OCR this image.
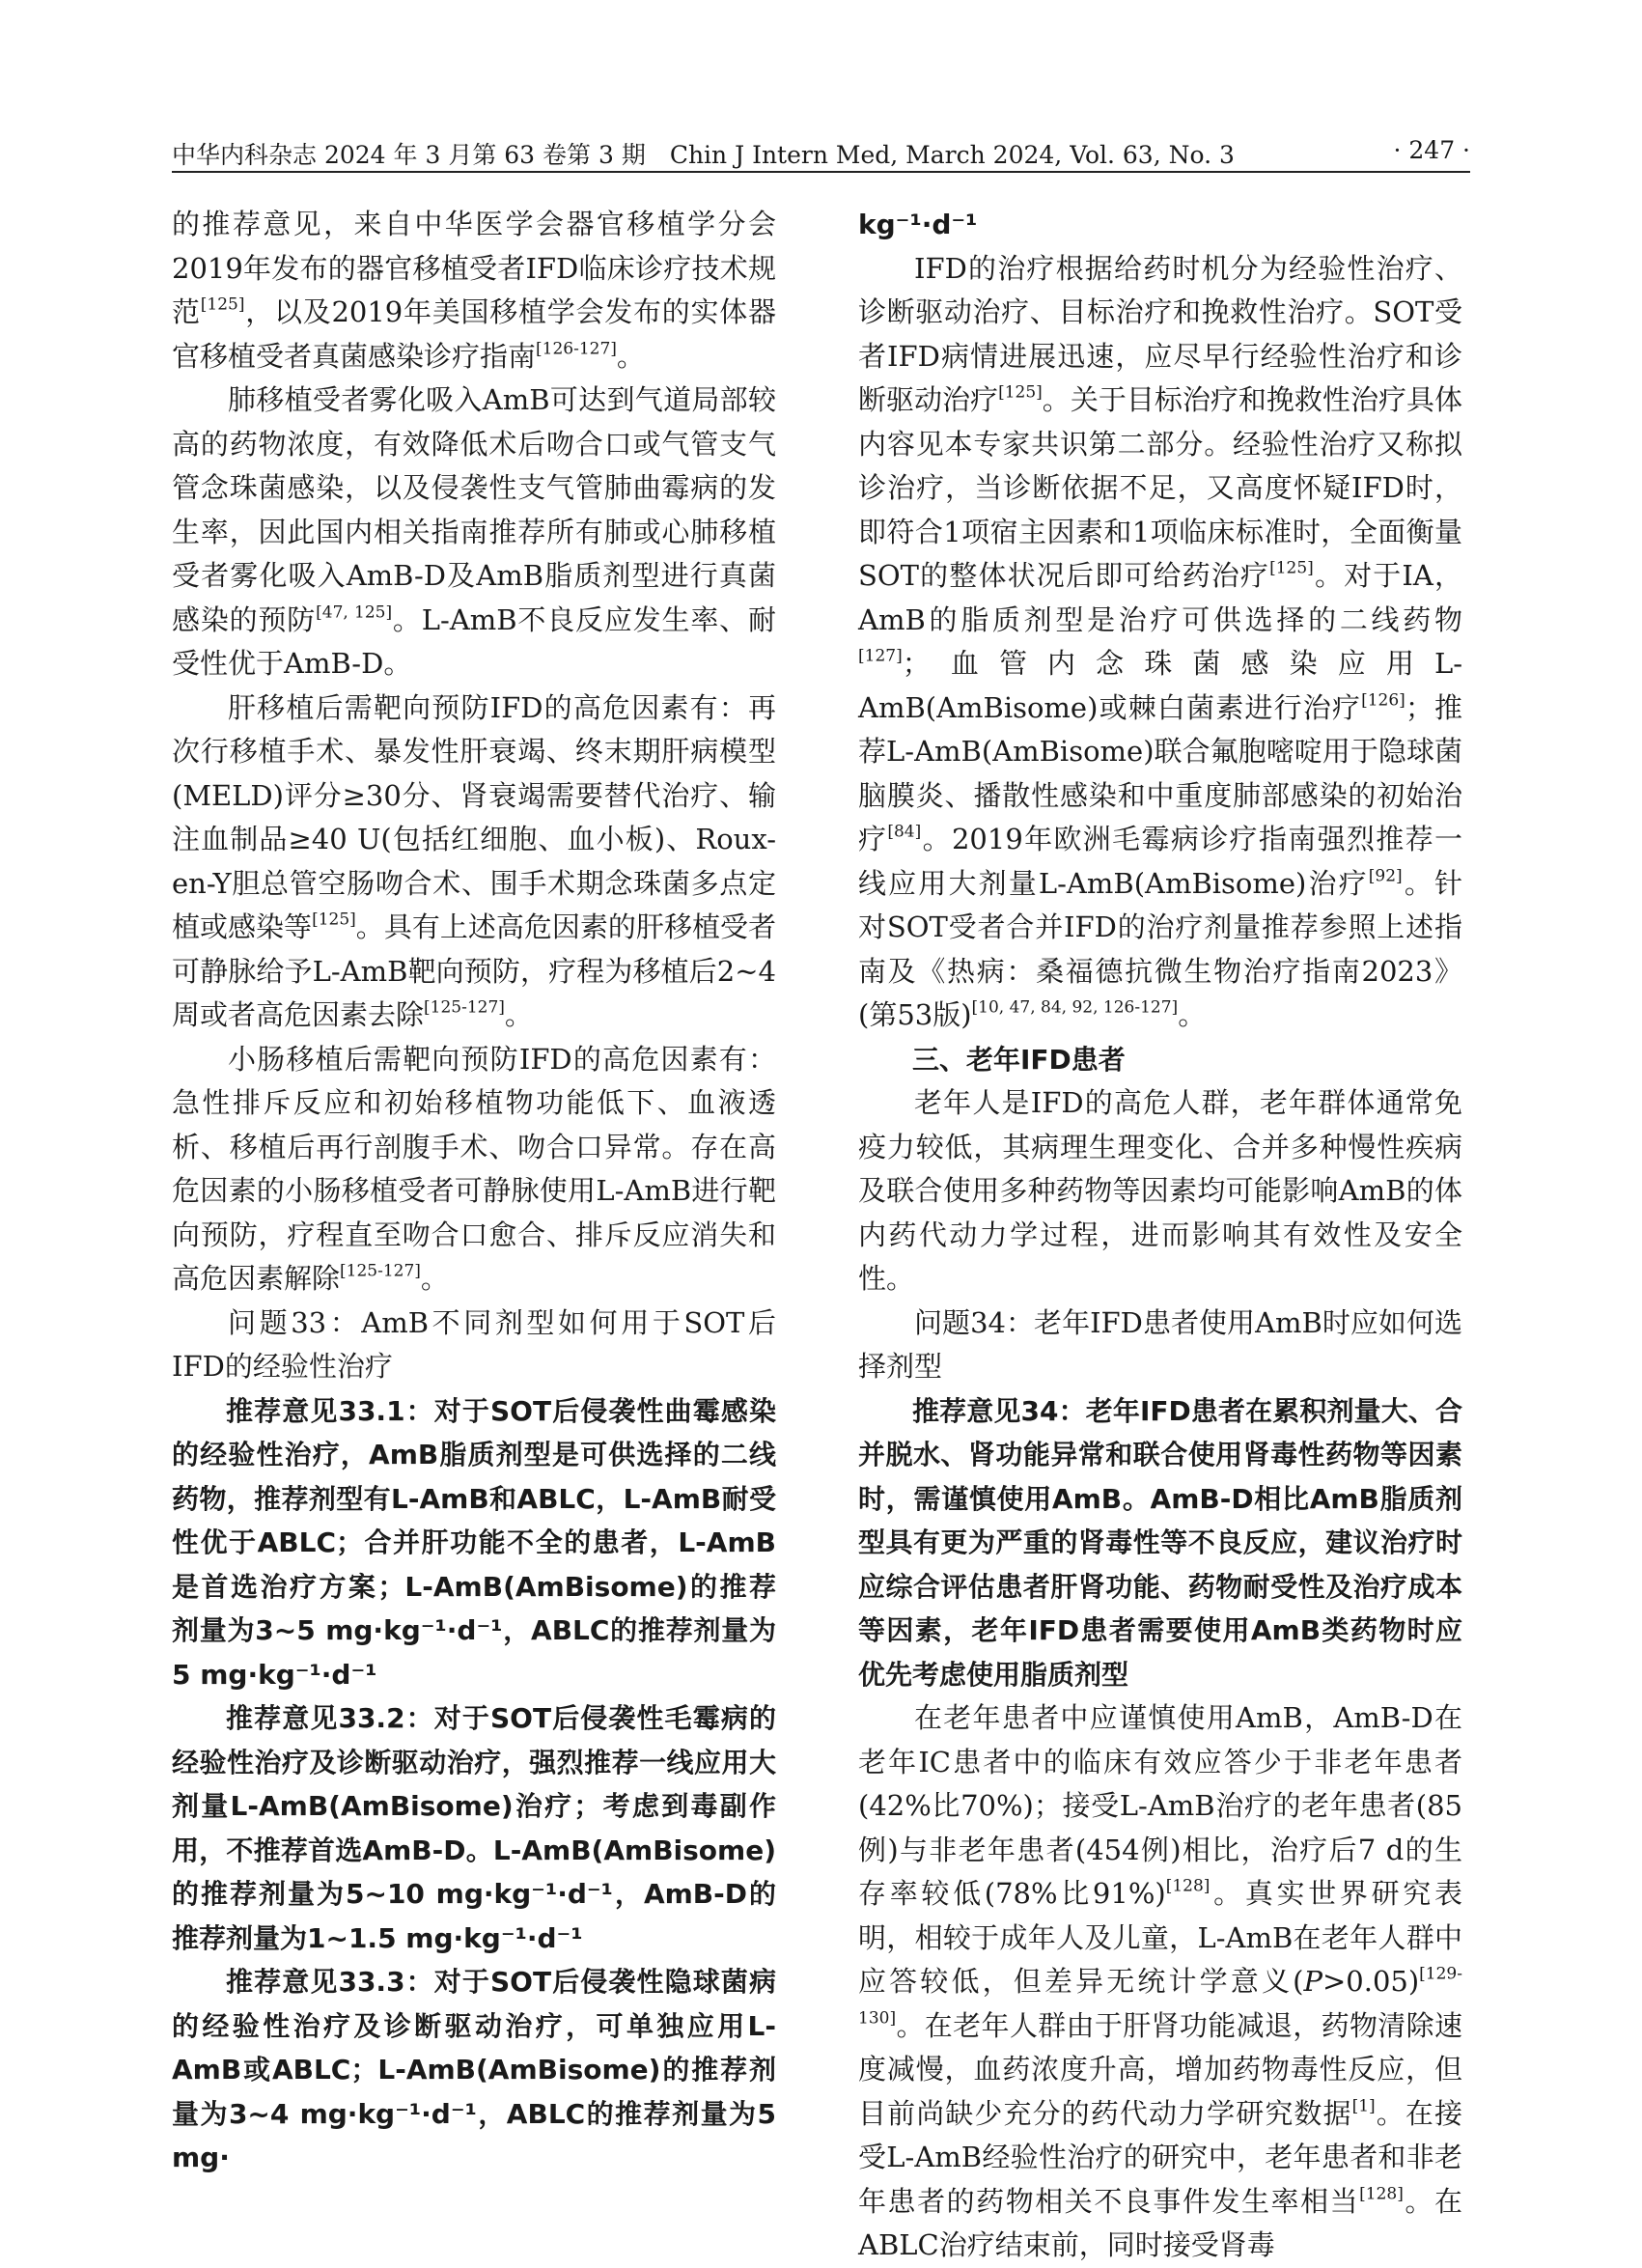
中华内科杂志 2024 年 3 月第 63 卷第 3 期　Chin J Intern Med, March 2024, Vol. 63, No. 3	· 247 ·

的推荐意见，来自中华医学会器官移植学分会2019年发布的器官移植受者IFD临床诊疗技术规范[125]，以及2019年美国移植学会发布的实体器官移植受者真菌感染诊疗指南[126-127]。

肺移植受者雾化吸入AmB可达到气道局部较高的药物浓度，有效降低术后吻合口或气管支气管念珠菌感染，以及侵袭性支气管肺曲霉病的发生率，因此国内相关指南推荐所有肺或心肺移植受者雾化吸入AmB-D及AmB脂质剂型进行真菌感染的预防[47, 125]。L-AmB不良反应发生率、耐受性优于AmB-D。

肝移植后需靶向预防IFD的高危因素有：再次行移植手术、暴发性肝衰竭、终末期肝病模型(MELD)评分≥30分、肾衰竭需要替代治疗、输注血制品≥40 U(包括红细胞、血小板)、Roux-en-Y胆总管空肠吻合术、围手术期念珠菌多点定植或感染等[125]。具有上述高危因素的肝移植受者可静脉给予L-AmB靶向预防，疗程为移植后2~4周或者高危因素去除[125-127]。

小肠移植后需靶向预防IFD的高危因素有：急性排斥反应和初始移植物功能低下、血液透析、移植后再行剖腹手术、吻合口异常。存在高危因素的小肠移植受者可静脉使用L-AmB进行靶向预防，疗程直至吻合口愈合、排斥反应消失和高危因素解除[125-127]。

问题33：AmB不同剂型如何用于SOT后IFD的经验性治疗

推荐意见33.1：对于SOT后侵袭性曲霉感染的经验性治疗，AmB脂质剂型是可供选择的二线药物，推荐剂型有L-AmB和ABLC，L-AmB耐受性优于ABLC；合并肝功能不全的患者，L-AmB是首选治疗方案；L-AmB(AmBisome)的推荐剂量为3~5 mg·kg⁻¹·d⁻¹，ABLC的推荐剂量为5 mg·kg⁻¹·d⁻¹

推荐意见33.2：对于SOT后侵袭性毛霉病的经验性治疗及诊断驱动治疗，强烈推荐一线应用大剂量L-AmB(AmBisome)治疗；考虑到毒副作用，不推荐首选AmB-D。L-AmB(AmBisome)的推荐剂量为5~10 mg·kg⁻¹·d⁻¹，AmB-D的推荐剂量为1~1.5 mg·kg⁻¹·d⁻¹

推荐意见33.3：对于SOT后侵袭性隐球菌病的经验性治疗及诊断驱动治疗，可单独应用L-AmB或ABLC；L-AmB(AmBisome)的推荐剂量为3~4 mg·kg⁻¹·d⁻¹，ABLC的推荐剂量为5 mg·

kg⁻¹·d⁻¹

IFD的治疗根据给药时机分为经验性治疗、诊断驱动治疗、目标治疗和挽救性治疗。SOT受者IFD病情进展迅速，应尽早行经验性治疗和诊断驱动治疗[125]。关于目标治疗和挽救性治疗具体内容见本专家共识第二部分。经验性治疗又称拟诊治疗，当诊断依据不足，又高度怀疑IFD时，即符合1项宿主因素和1项临床标准时，全面衡量SOT的整体状况后即可给药治疗[125]。对于IA，AmB的脂质剂型是治疗可供选择的二线药物[127]；血管内念珠菌感染应用L-AmB(AmBisome)或棘白菌素进行治疗[126]；推荐L-AmB(AmBisome)联合氟胞嘧啶用于隐球菌脑膜炎、播散性感染和中重度肺部感染的初始治疗[84]。2019年欧洲毛霉病诊疗指南强烈推荐一线应用大剂量L-AmB(AmBisome)治疗[92]。针对SOT受者合并IFD的治疗剂量推荐参照上述指南及《热病：桑福德抗微生物治疗指南2023》(第53版)[10, 47, 84, 92, 126-127]。

三、老年IFD患者

老年人是IFD的高危人群，老年群体通常免疫力较低，其病理生理变化、合并多种慢性疾病及联合使用多种药物等因素均可能影响AmB的体内药代动力学过程，进而影响其有效性及安全性。

问题34：老年IFD患者使用AmB时应如何选择剂型

推荐意见34：老年IFD患者在累积剂量大、合并脱水、肾功能异常和联合使用肾毒性药物等因素时，需谨慎使用AmB。AmB-D相比AmB脂质剂型具有更为严重的肾毒性等不良反应，建议治疗时应综合评估患者肝肾功能、药物耐受性及治疗成本等因素，老年IFD患者需要使用AmB类药物时应优先考虑使用脂质剂型

在老年患者中应谨慎使用AmB，AmB-D在老年IC患者中的临床有效应答少于非老年患者(42%比70%)；接受L-AmB治疗的老年患者(85例)与非老年患者(454例)相比，治疗后7 d的生存率较低(78%比91%)[128]。真实世界研究表明，相较于成年人及儿童，L-AmB在老年人群中应答较低，但差异无统计学意义(P>0.05)[129-130]。在老年人群由于肝肾功能减退，药物清除速度减慢，血药浓度升高，增加药物毒性反应，但目前尚缺少充分的药代动力学研究数据[1]。在接受L-AmB经验性治疗的研究中，老年患者和非老年患者的药物相关不良事件发生率相当[128]。在ABLC治疗结束前，同时接受肾毒
